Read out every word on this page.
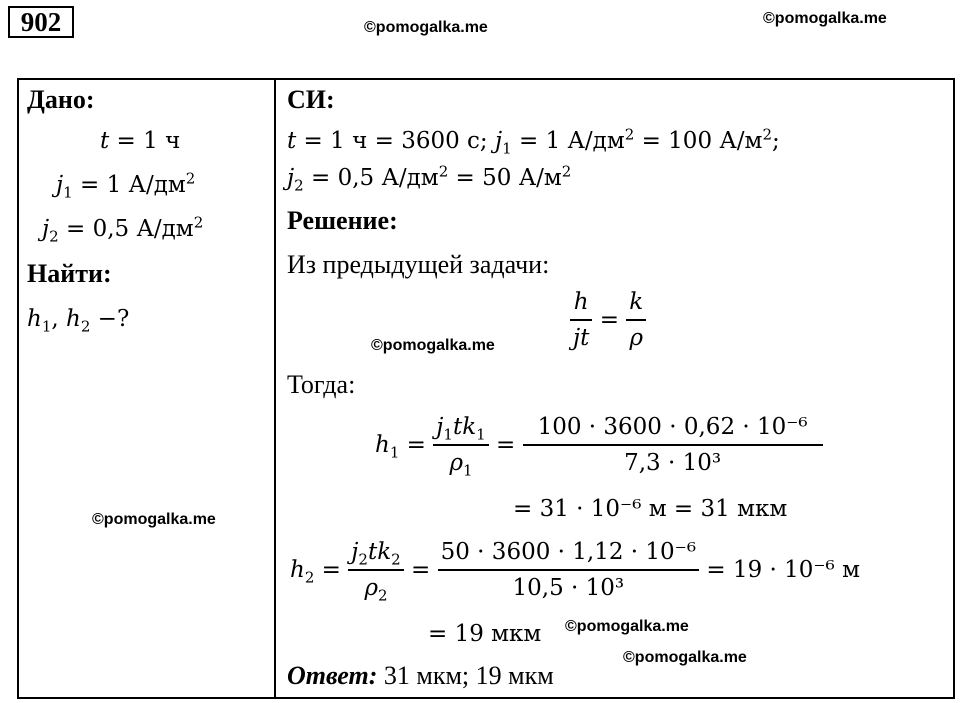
902	©pomogalka.me
©pomogalka.me
Дано:
t = 1 ч
$j_1 = 1$ $А/дм^2$
$j_2 = 0,5$ $А/дм^2$
Найти:
$h_1$, $h_2$ −?
©pomogalka.me
©pomogalka.me
СИ:
t = 1 ч = 3600 с; $j_1 = 1$ $А/дм^2 = 100$ $А/м^2$;
$j_2 = 0,5$ $А/дм^2 = 50$ $А/м^2$
Решение:
Из предыдущей задачи:
$\frac{h}{jt} = \frac{k}{\rho}$
Тогда:
$h_1 = \frac{j_1tk_1}{\rho_1} = \frac{\text{100 · 3600 · 0,62 · 10⁻⁶}}{\text{7,3 · 10³}}$
= 31 · 10⁻⁶ м = 31 мкм
$h_2 = \frac{j_2tk_2}{\rho_2} = \frac{\text{50 · 3600 · 1,12 · 10⁻⁶}}{\text{10,5 · 10³}} = 19 \cdot 10^{-6}$ м
= 19 мкм ©pomogalka.me
©pomogalka.me
Ответ: 31 мкм; 19 мкм
